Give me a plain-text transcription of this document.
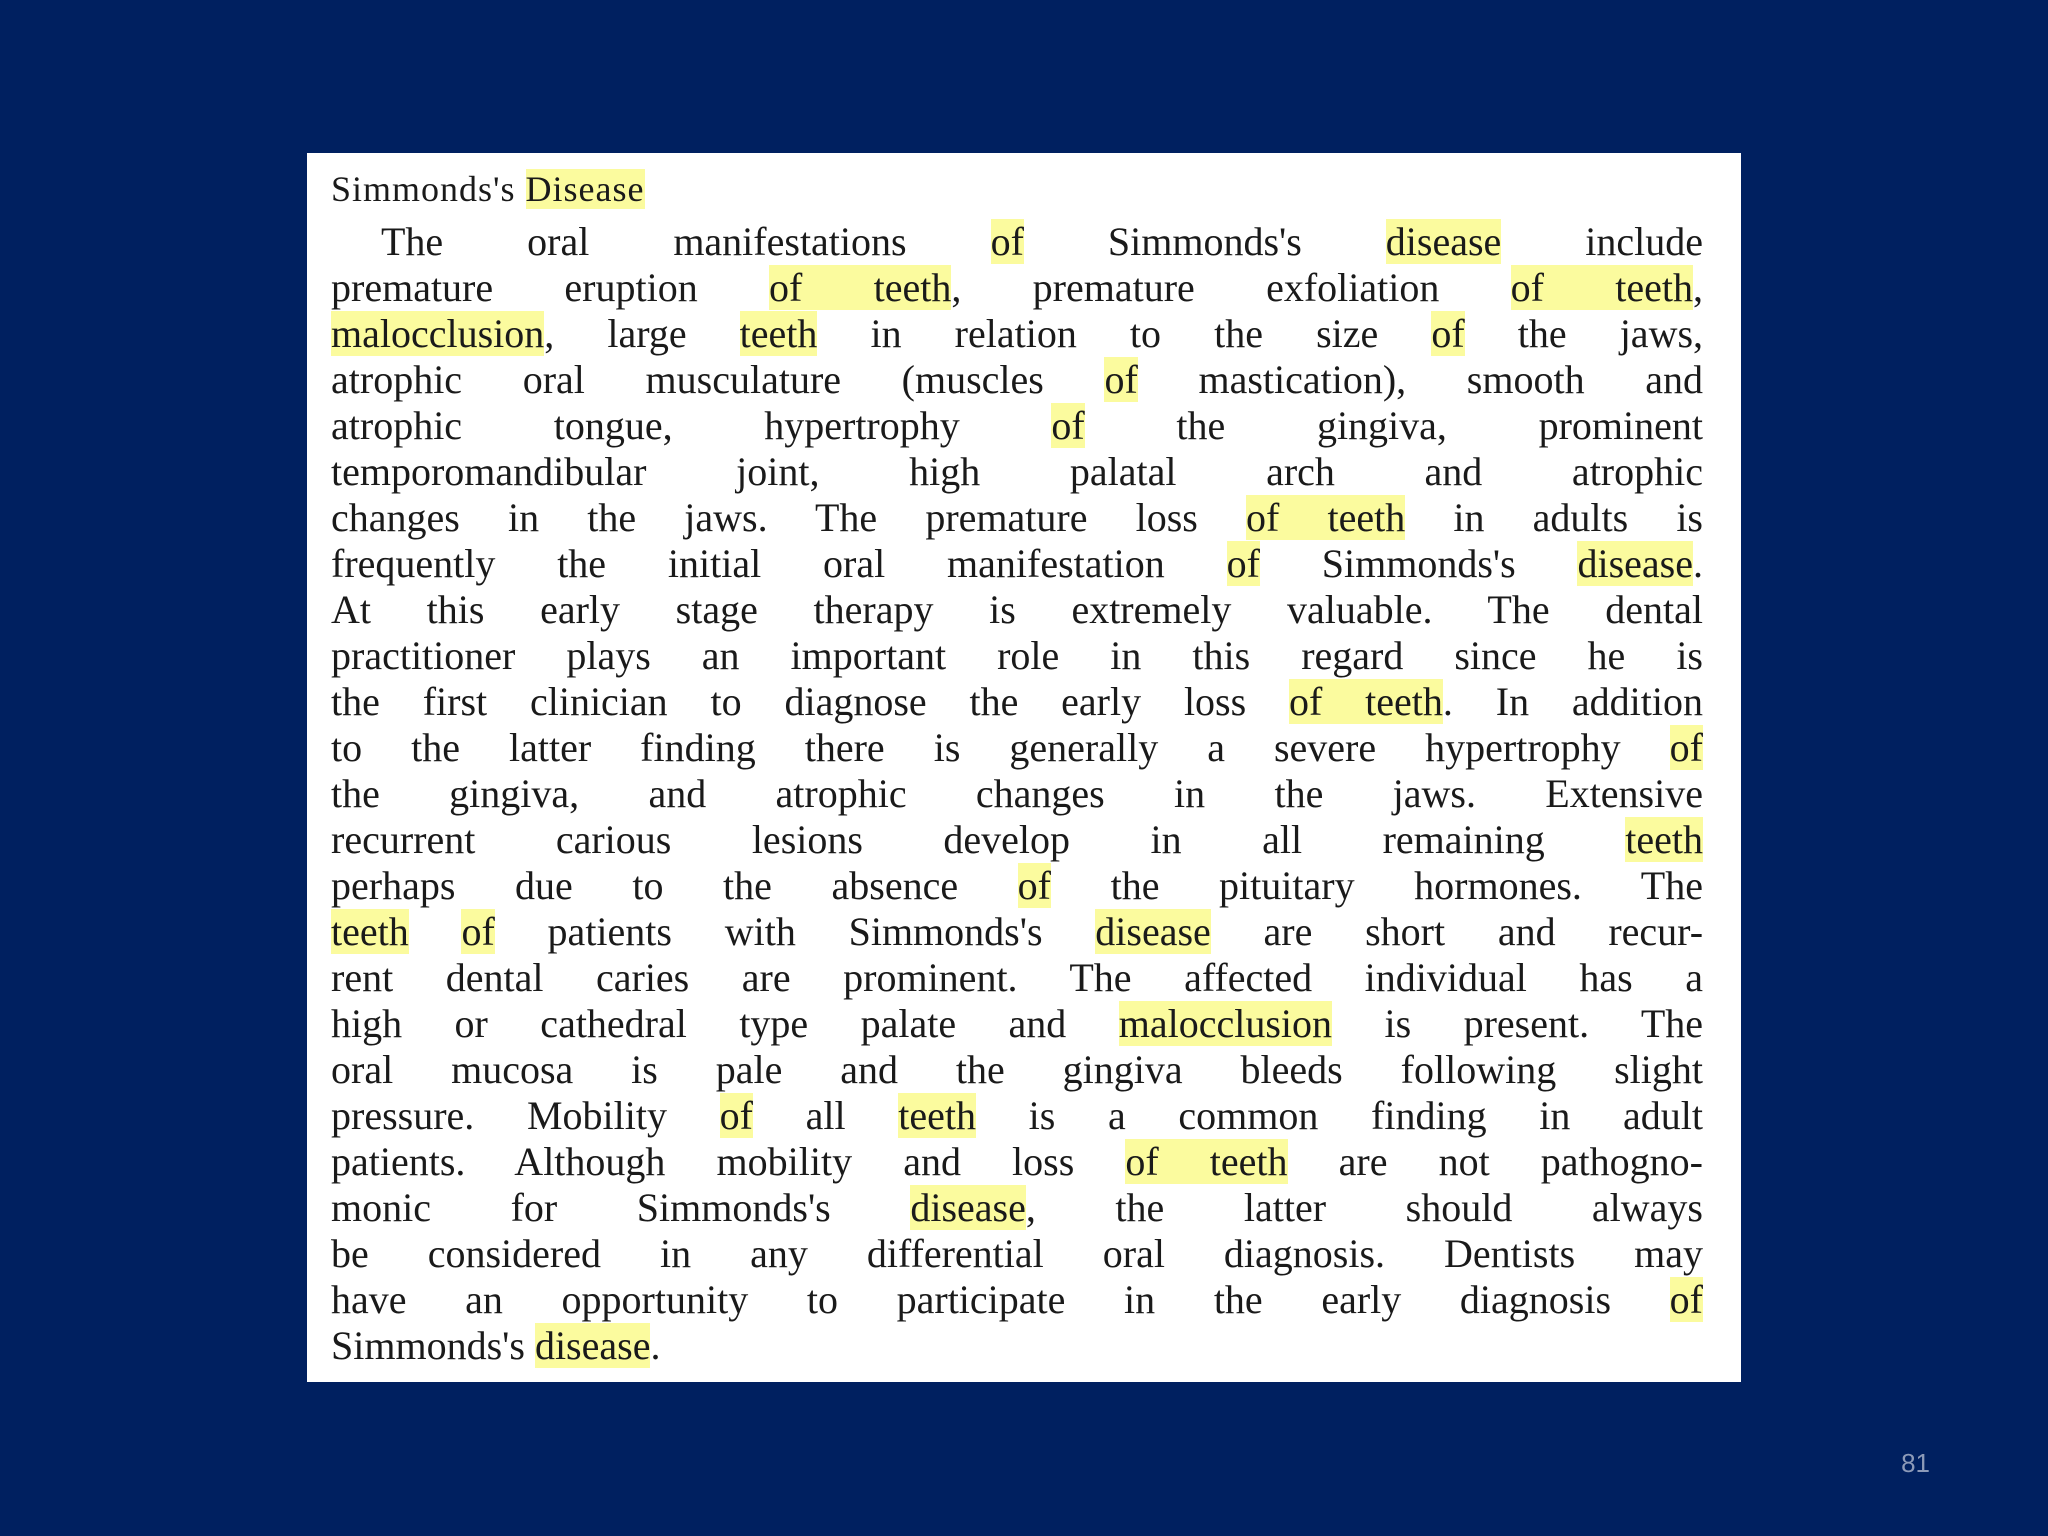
Simmonds's Disease
The oral manifestations of Simmonds's disease include
premature eruption of teeth, premature exfoliation of teeth,
malocclusion, large teeth in relation to the size of the jaws,
atrophic oral musculature (muscles of mastication), smooth and
atrophic tongue, hypertrophy of the gingiva, prominent
temporomandibular joint, high palatal arch and atrophic
changes in the jaws. The premature loss of teeth in adults is
frequently the initial oral manifestation of Simmonds's disease.
At this early stage therapy is extremely valuable. The dental
practitioner plays an important role in this regard since he is
the first clinician to diagnose the early loss of teeth. In addition
to the latter finding there is generally a severe hypertrophy of
the gingiva, and atrophic changes in the jaws. Extensive
recurrent carious lesions develop in all remaining teeth
perhaps due to the absence of the pituitary hormones. The
teeth of patients with Simmonds's disease are short and recur-
rent dental caries are prominent. The affected individual has a
high or cathedral type palate and malocclusion is present. The
oral mucosa is pale and the gingiva bleeds following slight
pressure. Mobility of all teeth is a common finding in adult
patients. Although mobility and loss of teeth are not pathogno-
monic for Simmonds's disease, the latter should always
be considered in any differential oral diagnosis. Dentists may
have an opportunity to participate in the early diagnosis of
Simmonds's disease.
81
